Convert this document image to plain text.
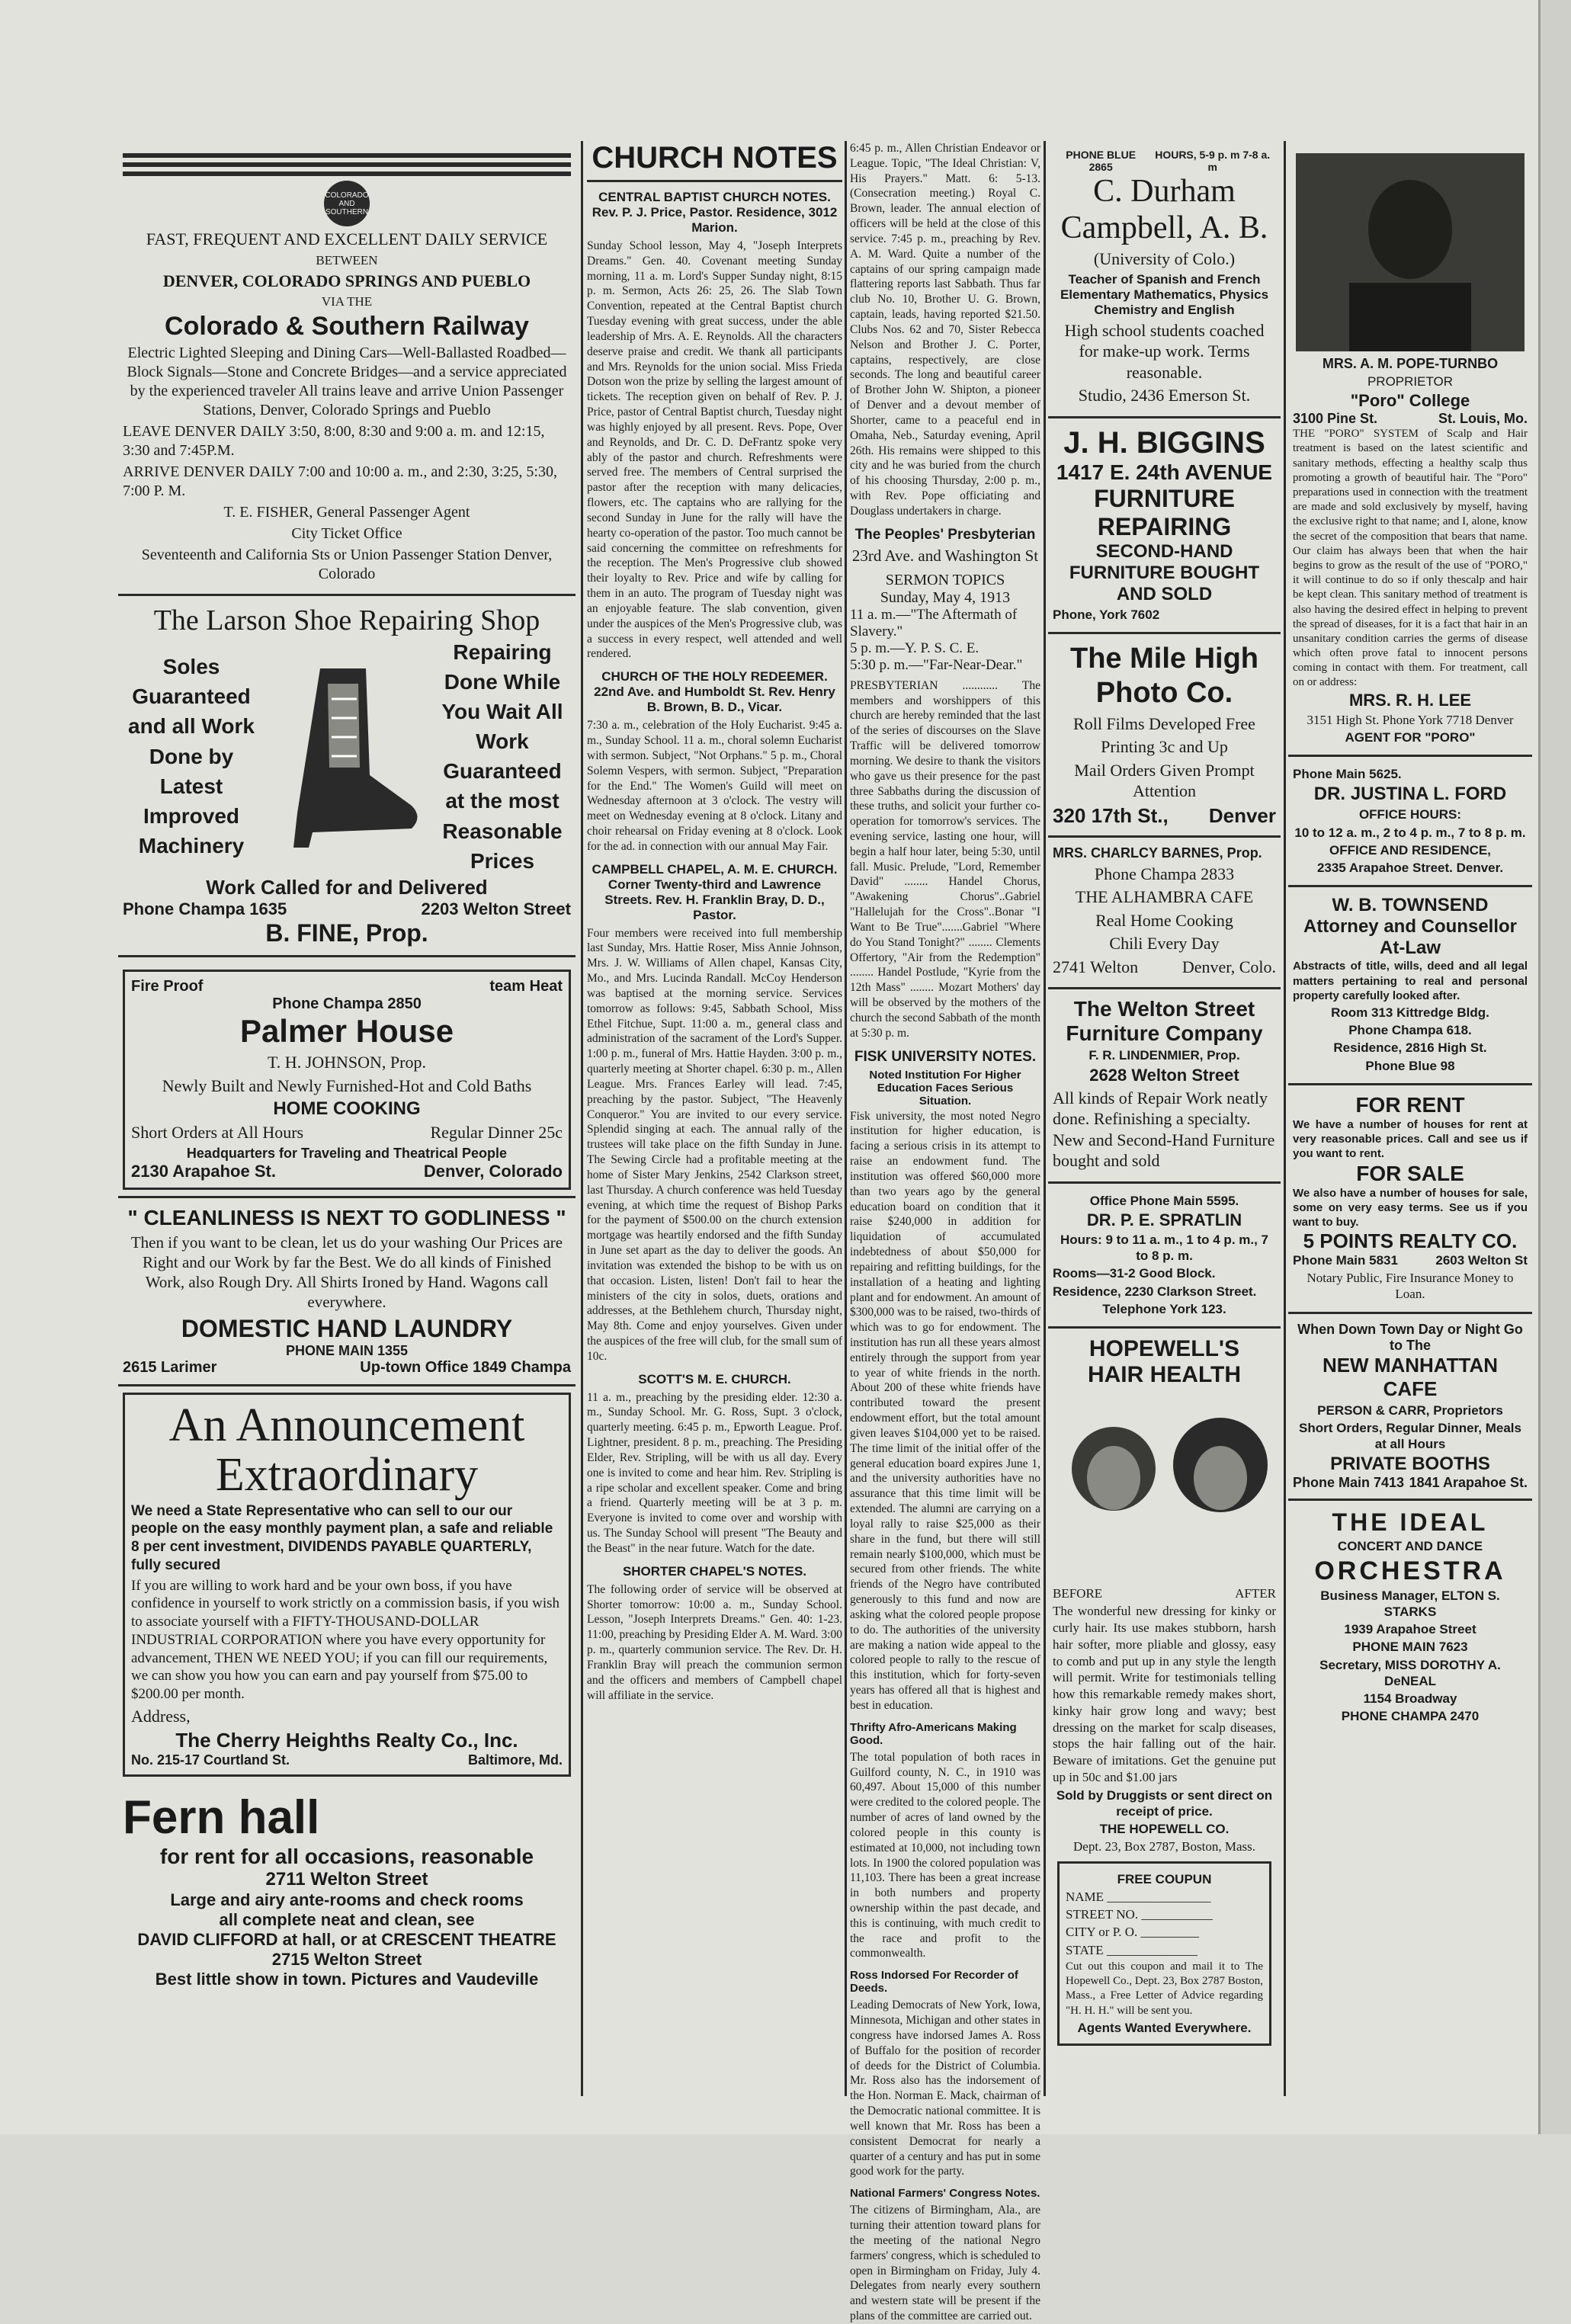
COLORADO AND SOUTHERN
FAST, FREQUENT AND EXCELLENT DAILY SERVICE
BETWEEN
DENVER, COLORADO SPRINGS AND PUEBLO
VIA THE
Colorado & Southern Railway
Electric Lighted Sleeping and Dining Cars—Well-Ballasted Roadbed—Block Signals—Stone and Concrete Bridges—and a service appreciated by the experienced traveler All trains leave and arrive Union Passenger Stations, Denver, Colorado Springs and Pueblo
LEAVE DENVER DAILY 3:50, 8:00, 8:30 and 9:00 a. m. and 12:15, 3:30 and 7:45P.M.
ARRIVE DENVER DAILY 7:00 and 10:00 a. m., and 2:30, 3:25, 5:30, 7:00 P. M.
T. E. FISHER, General Passenger Agent
City Ticket Office
Seventeenth and California Sts or Union Passenger Station Denver, Colorado
The Larson Shoe Repairing Shop
Soles Guaranteed and all Work Done by Latest Improved Machinery
Repairing Done While You Wait All Work Guaranteed at the most Reasonable Prices
Work Called for and Delivered
Phone Champa 1635	2203 Welton Street
B. FINE, Prop.
Fire Proof	team Heat
Phone Champa 2850
Palmer House
T. H. JOHNSON, Prop.
Newly Built and Newly Furnished-Hot and Cold Baths
HOME COOKING
Short Orders at All Hours	Regular Dinner 25c
Headquarters for Traveling and Theatrical People
2130 Arapahoe St.	Denver, Colorado
" CLEANLINESS IS NEXT TO GODLINESS "
Then if you want to be clean, let us do your washing Our Prices are Right and our Work by far the Best. We do all kinds of Finished Work, also Rough Dry. All Shirts Ironed by Hand. Wagons call everywhere.
DOMESTIC HAND LAUNDRY
PHONE MAIN 1355
2615 Larimer	Up-town Office 1849 Champa
An Announcement
Extraordinary
We need a State Representative who can sell to our our people on the easy monthly payment plan, a safe and reliable 8 per cent investment, DIVIDENDS PAYABLE QUARTERLY, fully secured
If you are willing to work hard and be your own boss, if you have confidence in yourself to work strictly on a commission basis, if you wish to associate yourself with a FIFTY-THOUSAND-DOLLAR INDUSTRIAL CORPORATION where you have every opportunity for advancement, THEN WE NEED YOU; if you can fill our requirements, we can show you how you can earn and pay yourself from $75.00 to $200.00 per month.
Address,
The Cherry Heighths Realty Co., Inc.
No. 215-17 Courtland St.	Baltimore, Md.
Fern hall
for rent for all occasions, reasonable
2711 Welton Street
Large and airy ante-rooms and check rooms
all complete neat and clean, see
DAVID CLIFFORD at hall, or at CRESCENT THEATRE
2715 Welton Street
Best little show in town. Pictures and Vaudeville
CHURCH NOTES
CENTRAL BAPTIST CHURCH NOTES. Rev. P. J. Price, Pastor. Residence, 3012 Marion.

Sunday School lesson, May 4, "Joseph Interprets Dreams." Gen. 40. Covenant meeting Sunday morning, 11 a. m. Lord's Supper Sunday night, 8:15 p. m. Sermon, Acts 26: 25, 26. The Slab Town Convention, repeated at the Central Baptist church Tuesday evening with great success, under the able leadership of Mrs. A. E. Reynolds. All the characters deserve praise and credit. We thank all participants and Mrs. Reynolds for the union social. Miss Frieda Dotson won the prize by selling the largest amount of tickets. The reception given on behalf of Rev. P. J. Price, pastor of Central Baptist church, Tuesday night was highly enjoyed by all present. Revs. Pope, Over and Reynolds, and Dr. C. D. DeFrantz spoke very ably of the pastor and church. Refreshments were served free. The members of Central surprised the pastor after the reception with many delicacies, flowers, etc. The captains who are rallying for the second Sunday in June for the rally will have the hearty co-operation of the pastor. Too much cannot be said concerning the committee on refreshments for the reception. The Men's Progressive club showed their loyalty to Rev. Price and wife by calling for them in an auto. The program of Tuesday night was an enjoyable feature. The slab convention, given under the auspices of the Men's Progressive club, was a success in every respect, well attended and well rendered.

CHURCH OF THE HOLY REDEEMER. 22nd Ave. and Humboldt St. Rev. Henry B. Brown, B. D., Vicar.

7:30 a. m., celebration of the Holy Eucharist. 9:45 a. m., Sunday School. 11 a. m., choral solemn Eucharist with sermon. Subject, "Not Orphans." 5 p. m., Choral Solemn Vespers, with sermon. Subject, "Preparation for the End." The Women's Guild will meet on Wednesday afternoon at 3 o'clock. The vestry will meet on Wednesday evening at 8 o'clock. Litany and choir rehearsal on Friday evening at 8 o'clock. Look for the ad. in connection with our annual May Fair.

CAMPBELL CHAPEL, A. M. E. CHURCH. Corner Twenty-third and Lawrence Streets. Rev. H. Franklin Bray, D. D., Pastor.

Four members were received into full membership last Sunday, Mrs. Hattie Roser, Miss Annie Johnson, Mrs. J. W. Williams of Allen chapel, Kansas City, Mo., and Mrs. Lucinda Randall. McCoy Henderson was baptised at the morning service. Services tomorrow as follows: 9:45, Sabbath School, Miss Ethel Fitchue, Supt. 11:00 a. m., general class and administration of the sacrament of the Lord's Supper. 1:00 p. m., funeral of Mrs. Hattie Hayden. 3:00 p. m., quarterly meeting at Shorter chapel. 6:30 p. m., Allen League. Mrs. Frances Earley will lead. 7:45, preaching by the pastor. Subject, "The Heavenly Conqueror." You are invited to our every service. Splendid singing at each. The annual rally of the trustees will take place on the fifth Sunday in June. The Sewing Circle had a profitable meeting at the home of Sister Mary Jenkins, 2542 Clarkson street, last Thursday. A church conference was held Tuesday evening, at which time the request of Bishop Parks for the payment of $500.00 on the church extension mortgage was heartily endorsed and the fifth Sunday in June set apart as the day to deliver the goods. An invitation was extended the bishop to be with us on that occasion. Listen, listen! Don't fail to hear the ministers of the city in solos, duets, orations and addresses, at the Bethlehem church, Thursday night, May 8th. Come and enjoy yourselves. Given under the auspices of the free will club, for the small sum of 10c.

SCOTT'S M. E. CHURCH.

11 a. m., preaching by the presiding elder. 12:30 a. m., Sunday School. Mr. G. Ross, Supt. 3 o'clock, quarterly meeting. 6:45 p. m., Epworth League. Prof. Lightner, president. 8 p. m., preaching. The Presiding Elder, Rev. Stripling, will be with us all day. Every one is invited to come and hear him. Rev. Stripling is a ripe scholar and excellent speaker. Come and bring a friend. Quarterly meeting will be at 3 p. m. Everyone is invited to come over and worship with us. The Sunday School will present "The Beauty and the Beast" in the near future. Watch for the date.

SHORTER CHAPEL'S NOTES.

The following order of service will be observed at Shorter tomorrow: 10:00 a. m., Sunday School. Lesson, "Joseph Interprets Dreams." Gen. 40: 1-23. 11:00, preaching by Presiding Elder A. M. Ward. 3:00 p. m., quarterly communion service. The Rev. Dr. H. Franklin Bray will preach the communion sermon and the officers and members of Campbell chapel will affiliate in the service.

6:45 p. m., Allen Christian Endeavor or League. Topic, "The Ideal Christian: V, His Prayers." Matt. 6: 5-13. (Consecration meeting.) Royal C. Brown, leader. The annual election of officers will be held at the close of this service. 7:45 p. m., preaching by Rev. A. M. Ward. Quite a number of the captains of our spring campaign made flattering reports last Sabbath. Thus far club No. 10, Brother U. G. Brown, captain, leads, having reported $21.50. Clubs Nos. 62 and 70, Sister Rebecca Nelson and Brother J. C. Porter, captains, respectively, are close seconds. The long and beautiful career of Brother John W. Shipton, a pioneer of Denver and a devout member of Shorter, came to a peaceful end in Omaha, Neb., Saturday evening, April 26th. His remains were shipped to this city and he was buried from the church of his choosing Thursday, 2:00 p. m., with Rev. Pope officiating and Douglass undertakers in charge.

The Peoples' Presbyterian
23rd Ave. and Washington St
SERMON TOPICS
Sunday, May 4, 1913
11 a. m.—"The Aftermath of Slavery."
5 p. m.—Y. P. S. C. E.
5:30 p. m.—"Far-Near-Dear."

PRESBYTERIAN ............ The members and worshippers of this church are hereby reminded that the last of the series of discourses on the Slave Traffic will be delivered tomorrow morning. We desire to thank the visitors who gave us their presence for the past three Sabbaths during the discussion of these truths, and solicit your further co-operation for tomorrow's services. The evening service, lasting one hour, will begin a half hour later, being 5:30, until fall. Music. Prelude, "Lord, Remember David" ........ Handel Chorus, "Awakening Chorus"..Gabriel "Hallelujah for the Cross"..Bonar "I Want to Be True".......Gabriel "Where do You Stand Tonight?" ........ Clements Offertory, "Air from the Redemption" ........ Handel Postlude, "Kyrie from the 12th Mass" ........ Mozart Mothers' day will be observed by the mothers of the church the second Sabbath of the month at 5:30 p. m.

FISK UNIVERSITY NOTES.
Noted Institution For Higher Education Faces Serious Situation.

Fisk university, the most noted Negro institution for higher education, is facing a serious crisis in its attempt to raise an endowment fund. The institution was offered $60,000 more than two years ago by the general education board on condition that it raise $240,000 in addition for liquidation of accumulated indebtedness of about $50,000 for repairing and refitting buildings, for the installation of a heating and lighting plant and for endowment. An amount of $300,000 was to be raised, two-thirds of which was to go for endowment. The institution has run all these years almost entirely through the support from year to year of white friends in the north. About 200 of these white friends have contributed toward the present endowment effort, but the total amount given leaves $104,000 yet to be raised. The time limit of the initial offer of the general education board expires June 1, and the university authorities have no assurance that this time limit will be extended. The alumni are carrying on a loyal rally to raise $25,000 as their share in the fund, but there will still remain nearly $100,000, which must be secured from other friends. The white friends of the Negro have contributed generously to this fund and now are asking what the colored people propose to do. The authorities of the university are making a nation wide appeal to the colored people to rally to the rescue of this institution, which for forty-seven years has offered all that is highest and best in education.

Thrifty Afro-Americans Making Good.

The total population of both races in Guilford county, N. C., in 1910 was 60,497. About 15,000 of this number were credited to the colored people. The number of acres of land owned by the colored people in this county is estimated at 10,000, not including town lots. In 1900 the colored population was 11,103. There has been a great increase in both numbers and property ownership within the past decade, and this is continuing, with much credit to the race and profit to the commonwealth.

Ross Indorsed For Recorder of Deeds.

Leading Democrats of New York, Iowa, Minnesota, Michigan and other states in congress have indorsed James A. Ross of Buffalo for the position of recorder of deeds for the District of Columbia. Mr. Ross also has the indorsement of the Hon. Norman E. Mack, chairman of the Democratic national committee. It is well known that Mr. Ross has been a consistent Democrat for nearly a quarter of a century and has put in some good work for the party.

National Farmers' Congress Notes.

The citizens of Birmingham, Ala., are turning their attention toward plans for the meeting of the national Negro farmers' congress, which is scheduled to open in Birmingham on Friday, July 4. Delegates from nearly every southern and western state will be present if the plans of the committee are carried out.

PHONE BLUE 2865
HOURS, 5-9 p. m 7-8 a. m
C. Durham
Campbell, A. B.
(University of Colo.)
Teacher of Spanish and French Elementary Mathematics, Physics Chemistry and English
High school students coached for make-up work. Terms reasonable.
Studio, 2436 Emerson St.
J. H. BIGGINS
1417 E. 24th AVENUE
FURNITURE REPAIRING
SECOND-HAND FURNITURE BOUGHT AND SOLD
Phone, York 7602
The Mile High Photo Co.
Roll Films Developed Free
Printing 3c and Up
Mail Orders Given Prompt Attention
320 17th St., Denver
MRS. CHARLCY BARNES, Prop.
Phone Champa 2833
THE ALHAMBRA CAFE
Real Home Cooking
Chili Every Day
2741 Welton	Denver, Colo.
The Welton Street Furniture Company
F. R. LINDENMIER, Prop.
2628 Welton Street
All kinds of Repair Work neatly done. Refinishing a specialty. New and Second-Hand Furniture bought and sold
Office Phone Main 5595.
DR. P. E. SPRATLIN
Hours: 9 to 11 a. m., 1 to 4 p. m., 7 to 8 p. m.
Rooms—31-2 Good Block.
Residence, 2230 Clarkson Street.
Telephone York 123.
HOPEWELL'S
HAIR HEALTH
BEFORE	AFTER

The wonderful new dressing for kinky or curly hair. Its use makes stubborn, harsh hair softer, more pliable and glossy, easy to comb and put up in any style the length will permit. Write for testimonials telling how this remarkable remedy makes short, kinky hair grow long and wavy; best dressing on the market for scalp diseases, stops the hair falling out of the hair. Beware of imitations. Get the genuine put up in 50c and $1.00 jars

Sold by Druggists or sent direct on receipt of price.
THE HOPEWELL CO.
Dept. 23, Box 2787, Boston, Mass.
FREE COUPUN
NAME ________________
STREET NO. ___________
CITY or P. O. _________
STATE ______________

Cut out this coupon and mail it to The Hopewell Co., Dept. 23, Box 2787 Boston, Mass., a Free Letter of Advice regarding "H. H. H." will be sent you.

Agents Wanted Everywhere.
MRS. A. M. POPE-TURNBO
PROPRIETOR
"Poro" College
3100 Pine St.	St. Louis, Mo.

THE "PORO" SYSTEM of Scalp and Hair treatment is based on the latest scientific and sanitary methods, effecting a healthy scalp thus promoting a growth of beautiful hair. The "Poro" preparations used in connection with the treatment are made and sold exclusively by myself, having the exclusive right to that name; and I, alone, know the secret of the composition that bears that name. Our claim has always been that when the hair begins to grow as the result of the use of "PORO," it will continue to do so if only thescalp and hair be kept clean. This sanitary method of treatment is also having the desired effect in helping to prevent the spread of diseases, for it is a fact that hair in an unsanitary condition carries the germs of disease which often prove fatal to innocent persons coming in contact with them. For treatment, call on or address:

MRS. R. H. LEE
3151 High St. Phone York 7718 Denver
AGENT FOR "PORO"
Phone Main 5625.
DR. JUSTINA L. FORD
OFFICE HOURS:
10 to 12 a. m., 2 to 4 p. m., 7 to 8 p. m.
OFFICE AND RESIDENCE,
2335 Arapahoe Street. Denver.
W. B. TOWNSEND
Attorney and Counsellor At-Law

Abstracts of title, wills, deed and all legal matters pertaining to real and personal property carefully looked after.

Room 313 Kittredge Bldg.
Phone Champa 618.
Residence, 2816 High St.
Phone Blue 98
FOR RENT

We have a number of houses for rent at very reasonable prices. Call and see us if you want to rent.

FOR SALE

We also have a number of houses for sale, some on very easy terms. See us if you want to buy.

5 POINTS REALTY CO.
Phone Main 5831	2603 Welton St
Notary Public, Fire Insurance Money to Loan.
When Down Town Day or Night Go to The
NEW MANHATTAN CAFE
PERSON & CARR, Proprietors
Short Orders, Regular Dinner, Meals at all Hours
PRIVATE BOOTHS
Phone Main 7413 1841 Arapahoe St.
THE IDEAL
CONCERT AND DANCE
ORCHESTRA
Business Manager, ELTON S. STARKS
1939 Arapahoe Street
PHONE MAIN 7623
Secretary, MISS DOROTHY A. DeNEAL
1154 Broadway
PHONE CHAMPA 2470
